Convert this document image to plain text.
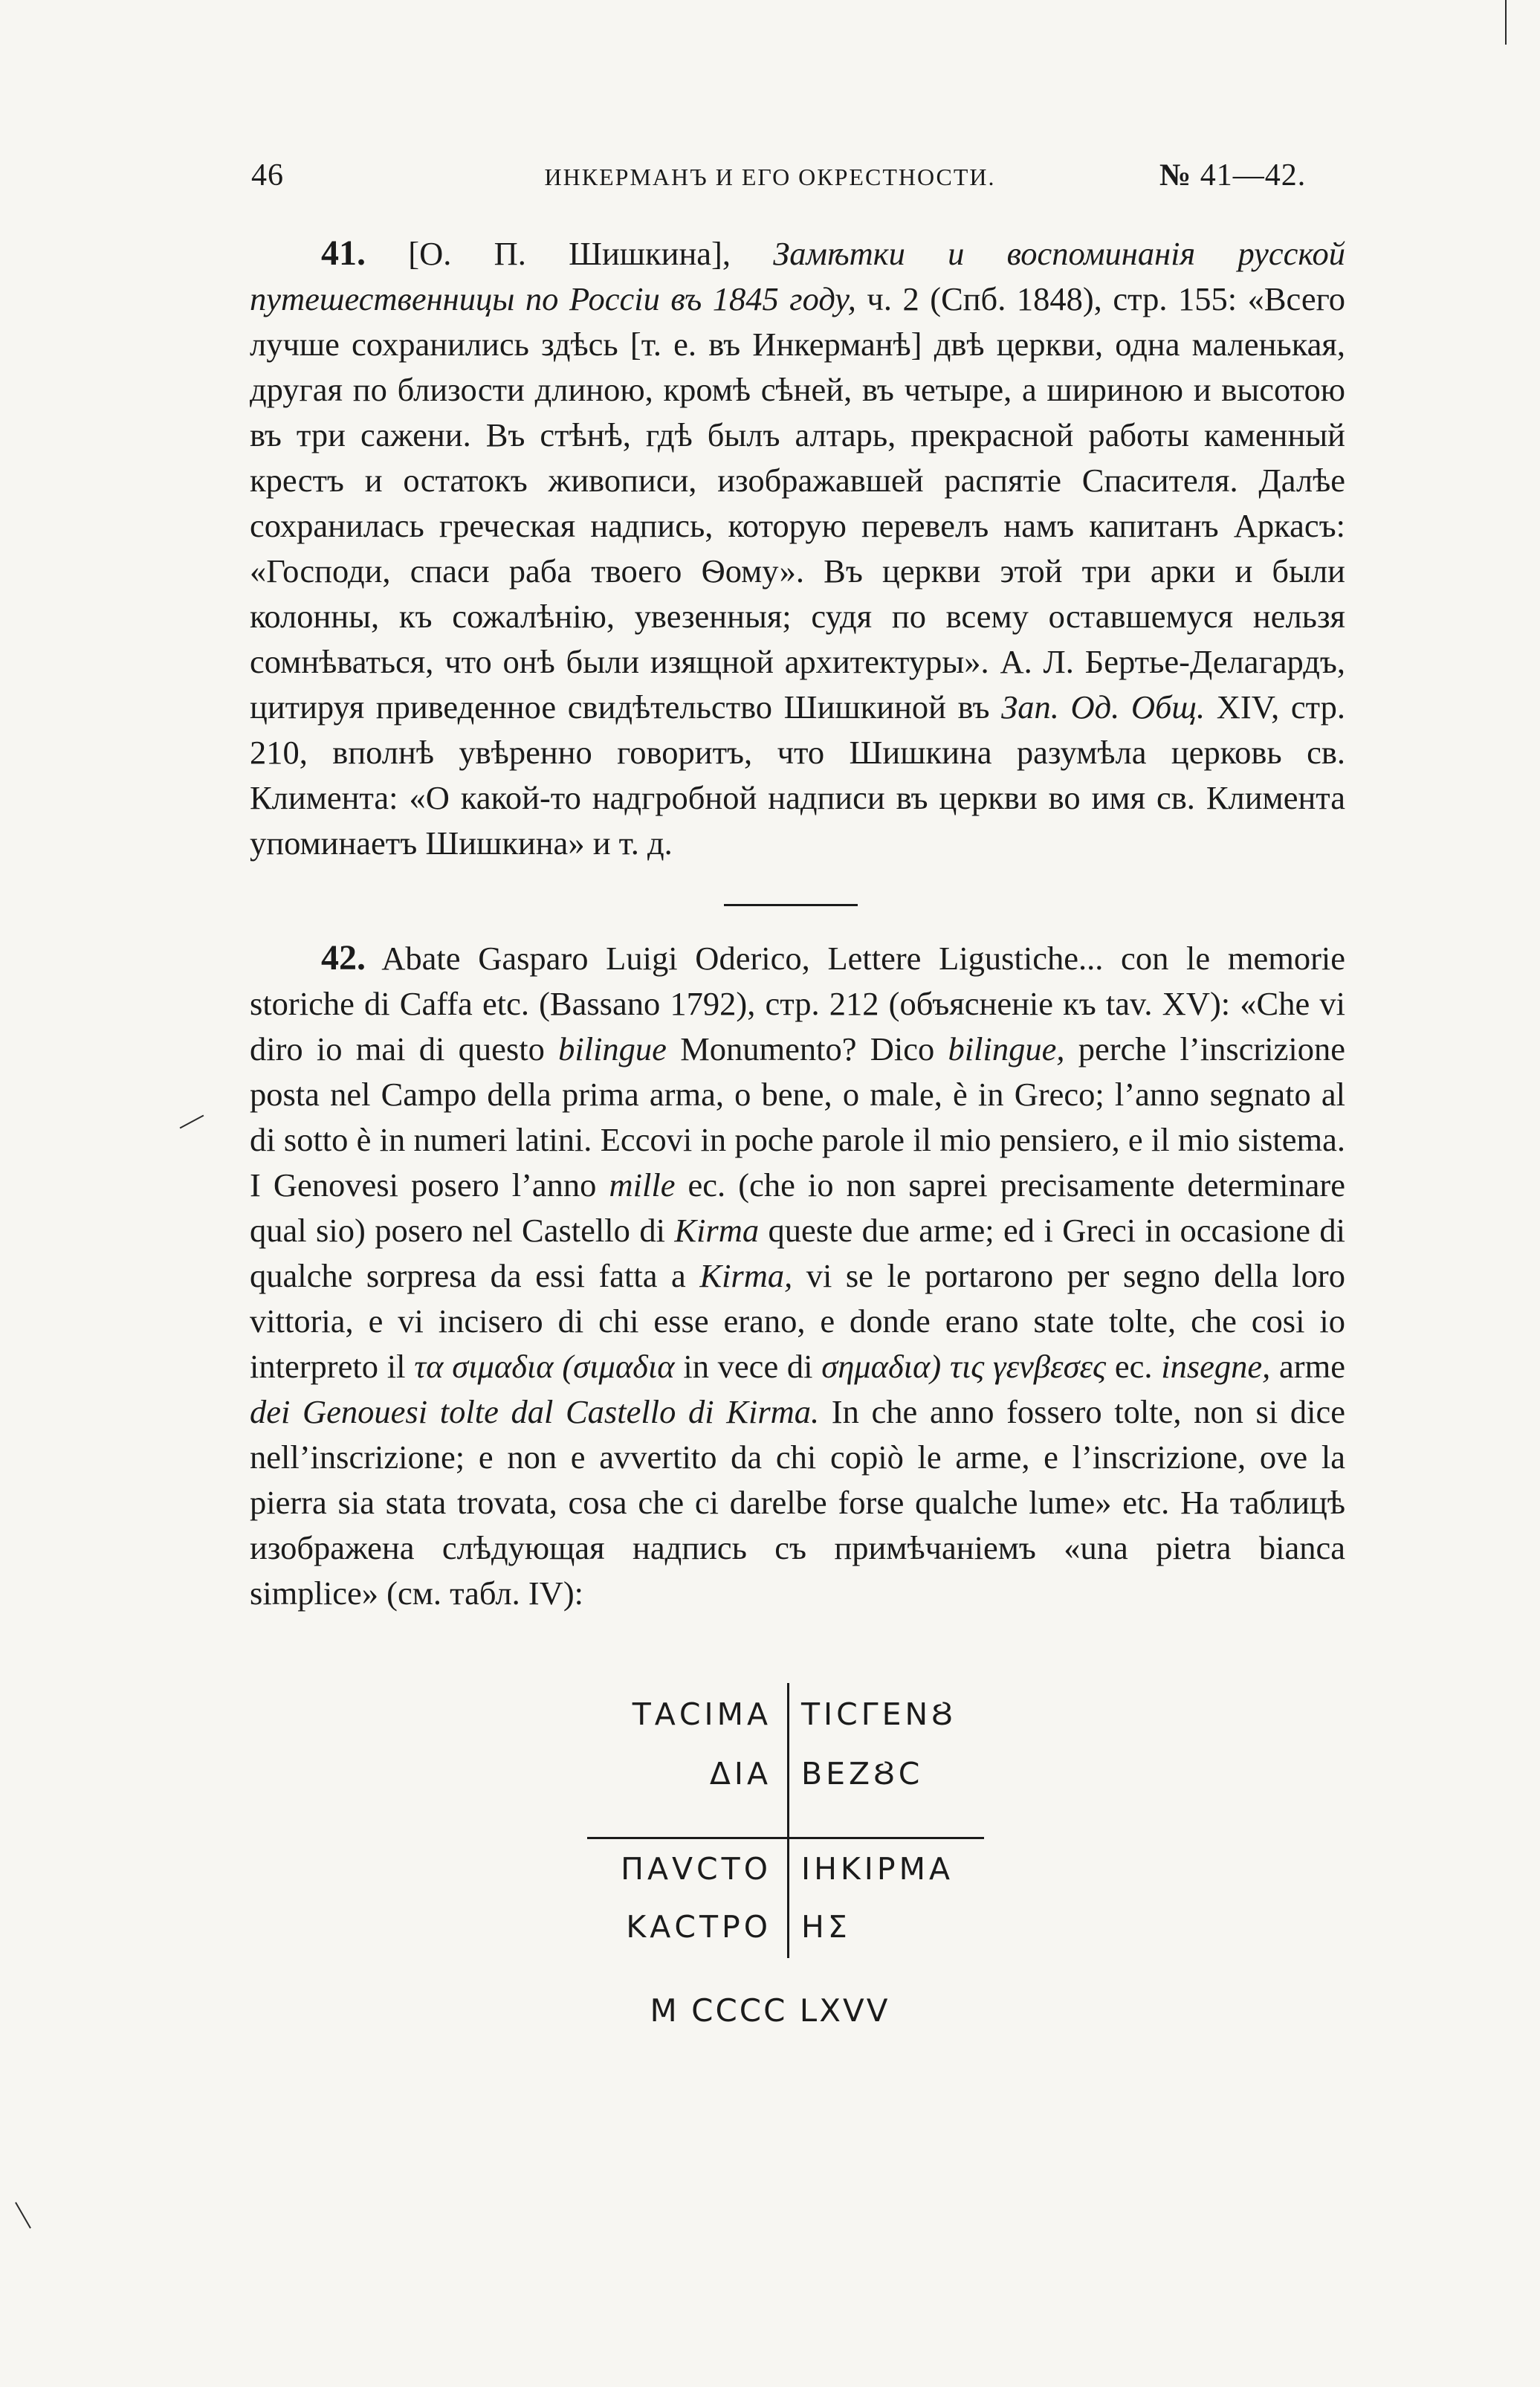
46	ИНКЕРМАНЪ И ЕГО ОКРЕСТНОСТИ.	№ 41—42.

41. [О. П. Шишкина], Замѣтки и воспоминанія русской путешественницы по Россіи въ 1845 году, ч. 2 (Спб. 1848), стр. 155: «Всего лучше сохранились здѣсь [т. е. въ Инкерманѣ] двѣ церкви, одна маленькая, другая по близости длиною, кромѣ сѣней, въ четыре, а шириною и высотою въ три сажени. Въ стѣнѣ, гдѣ былъ алтарь, прекрасной работы каменный крестъ и остатокъ живописи, изображавшей распятіе Спасителя. Далѣе сохранилась греческая надпись, которую перевелъ намъ капитанъ Аркасъ: «Господи, спаси раба твоего Ѳому». Въ церкви этой три арки и были колонны, къ сожалѣнію, увезенныя; судя по всему оставшемуся нельзя сомнѣваться, что онѣ были изящной архитектуры». А. Л. Бертье-Делагардъ, цитируя приведенное свидѣтельство Шишкиной въ Зап. Од. Общ. XIV, стр. 210, вполнѣ увѣренно говоритъ, что Шишкина разумѣла церковь св. Климента: «О какой-то надгробной надписи въ церкви во имя св. Климента упоминаетъ Шишкина» и т. д.

42. Abate Gasparo Luigi Oderico, Lettere Ligustiche... con le memorie storiche di Caffa etc. (Bassano 1792), стр. 212 (объясненіе къ tav. XV): «Che vi diro io mai di questo bilingue Monumento? Dico bilingue, perche l’inscrizione posta nel Campo della prima arma, o bene, o male, è in Greco; l’anno segnato al di sotto è in numeri latini. Eccovi in poche parole il mio pensiero, e il mio sistema. I Genovesi posero l’anno mille ec. (che io non saprei precisamente determinare qual sio) posero nel Castello di Kirma queste due arme; ed i Greci in occasione di qualche sorpresa da essi fatta a Kirma, vi se le portarono per segno della loro vittoria, e vi incisero di chi esse erano, e donde erano state tolte, che cosi io interpreto il τα σιμαδια (σιμαδια in vece di σημαδια) τις γενβεσες ec. insegne, arme dei Genouesi tolte dal Castello di Kirma. In che anno fossero tolte, non si dice nell’inscrizione; e non e avvertito da chi copiò le arme, e l’inscrizione, ove la pierra sia stata trovata, cosa che ci darelbe forse qualche lume» etc. На таблицѣ изображена слѣдующая надпись съ примѣчаніемъ «una pietra bianca simplice» (см. табл. IV):

ΤΑϹΙΜΑ
ΔΙΑ
ΤΙϹΓΕΝȢ
ΒΕΖȢϹ
ΠΑVϹΤΟ
ΚΑϹΤΡΟ
ΙΗΚΙΡΜΑ
ΗΣ
M CCCC LXVV
